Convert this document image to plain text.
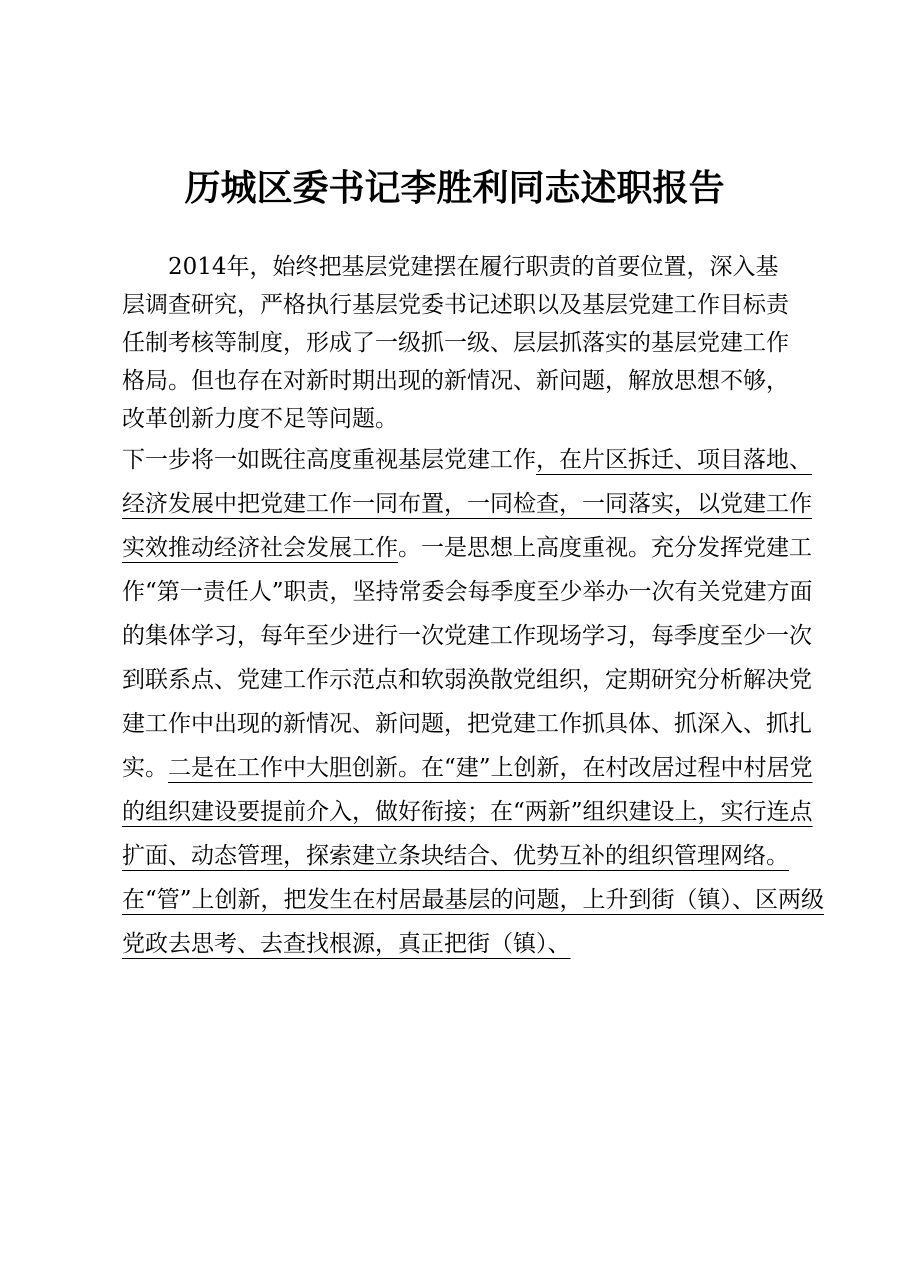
历城区委书记李胜利同志述职报告

2014年，始终把基层党建摆在履行职责的首要位置，深入基层调查研究，严格执行基层党委书记述职以及基层党建工作目标责任制考核等制度，形成了一级抓一级、层层抓落实的基层党建工作格局。但也存在对新时期出现的新情况、新问题，解放思想不够，改革创新力度不足等问题。

下一步将一如既往高度重视基层党建工作，在片区拆迁、项目落地、经济发展中把党建工作一同布置，一同检查，一同落实，以党建工作实效推动经济社会发展工作。一是思想上高度重视。充分发挥党建工作“第一责任人”职责，坚持常委会每季度至少举办一次有关党建方面的集体学习，每年至少进行一次党建工作现场学习，每季度至少一次到联系点、党建工作示范点和软弱涣散党组织，定期研究分析解决党建工作中出现的新情况、新问题，把党建工作抓具体、抓深入、抓扎实。二是在工作中大胆创新。在“建”上创新，在村改居过程中村居党的组织建设要提前介入，做好衔接；在“两新”组织建设上，实行连点扩面、动态管理，探索建立条块结合、优势互补的组织管理网络。在“管”上创新，把发生在村居最基层的问题，上升到街（镇）、区两级党政去思考、去查找根源，真正把街（镇）、
